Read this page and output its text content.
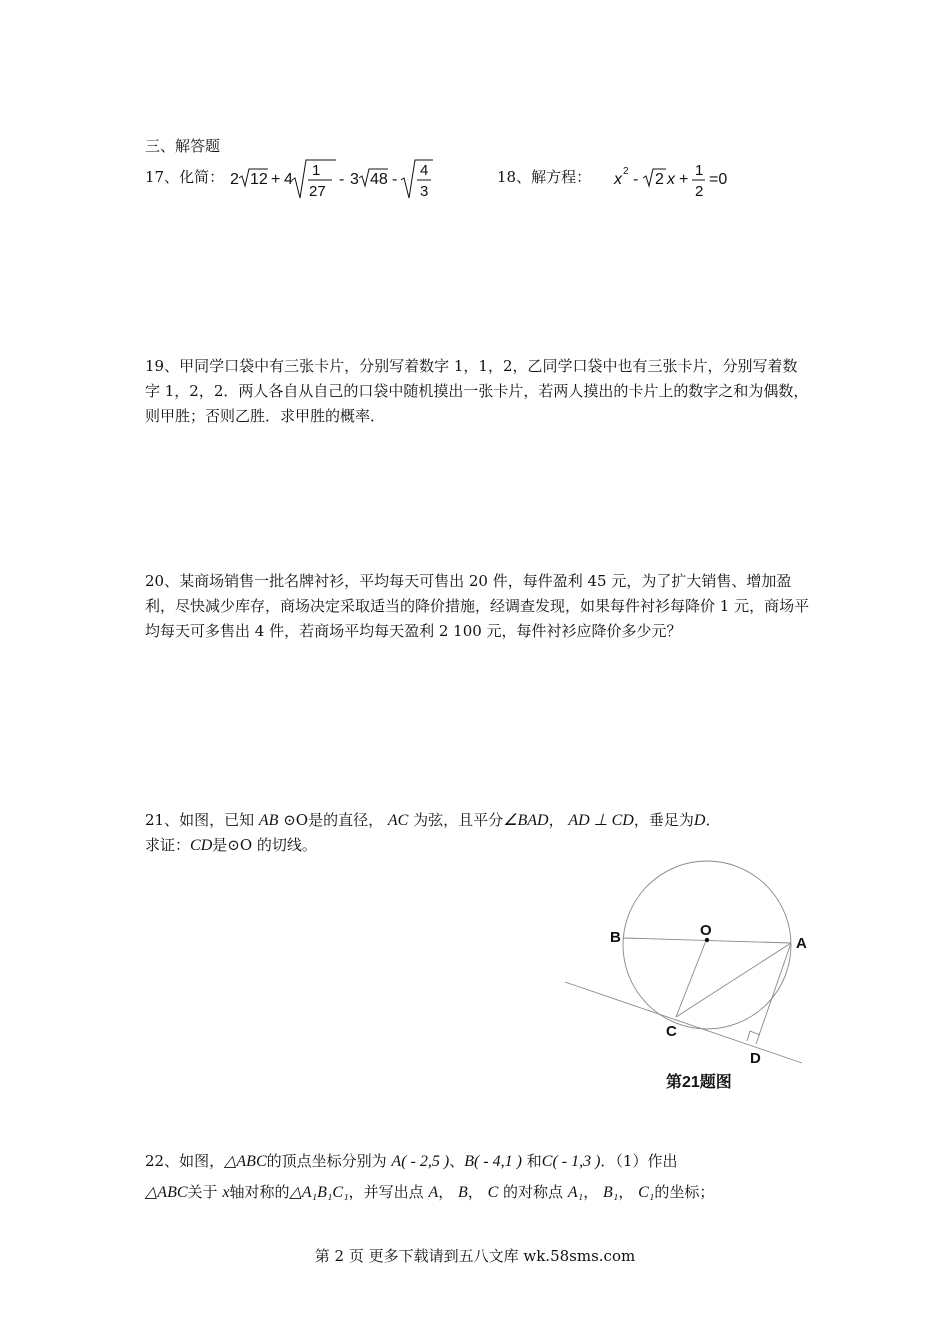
三、解答题
17、化简： 2 12 + 4
1
27
- 3 48 -
4
3
18、解方程： x 2 - 2 x +
1
2
=0
19、甲同学口袋中有三张卡片，分别写着数字 1，1，2，乙同学口袋中也有三张卡片，分别写着数字 1，2，2．两人各自从自己的口袋中随机摸出一张卡片，若两人摸出的卡片上的数字之和为偶数，则甲胜；否则乙胜．求甲胜的概率．
20、某商场销售一批名牌衬衫，平均每天可售出 20 件，每件盈利 45 元，为了扩大销售、增加盈利，尽快减少库存，商场决定采取适当的降价措施，经调查发现，如果每件衬衫每降价 1 元，商场平均每天可多售出 4 件，若商场平均每天盈利 2 100 元，每件衬衫应降价多少元？
21、如图，已知 AB ⊙O是的直径， AC 为弦，且平分∠BAD， AD ⊥ CD，垂足为D．
求证：CD是⊙O 的切线。
B	O
A
C
D
第21题图
22、如图，△ABC的顶点坐标分别为 A( - 2,5 )、B( - 4,1 ) 和C( - 1,3 )．（1）作出
△ABC关于 x轴对称的△A₁B₁C₁，并写出点 A， B， C 的对称点 A₁， B₁， C₁的坐标；
第 2 页 更多下载请到五八文库 wk.58sms.com
